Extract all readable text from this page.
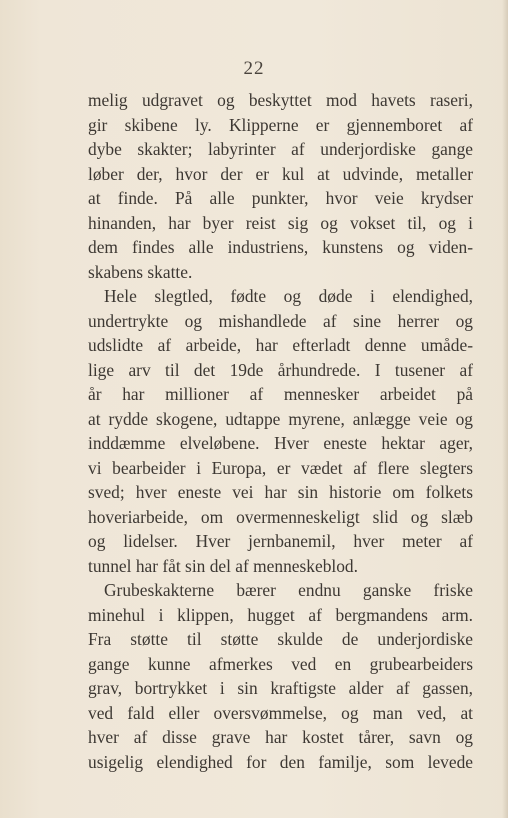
22
melig udgravet og beskyttet mod havets raseri,
gir skibene ly. Klipperne er gjennemboret af
dybe skakter; labyrinter af underjordiske gange
løber der, hvor der er kul at udvinde, metaller
at finde. På alle punkter, hvor veie krydser
hinanden, har byer reist sig og vokset til, og i
dem findes alle industriens, kunstens og viden-
skabens skatte.
Hele slegtled, fødte og døde i elendighed,
undertrykte og mishandlede af sine herrer og
udslidte af arbeide, har efterladt denne umåde-
lige arv til det 19de århundrede. I tusener af
år har millioner af mennesker arbeidet på
at rydde skogene, udtappe myrene, anlægge veie og
inddæmme elveløbene. Hver eneste hektar ager,
vi bearbeider i Europa, er vædet af flere slegters
sved; hver eneste vei har sin historie om folkets
hoveriarbeide, om overmenneskeligt slid og slæb
og lidelser. Hver jernbanemil, hver meter af
tunnel har fåt sin del af menneskeblod.
Grubeskakterne bærer endnu ganske friske
minehul i klippen, hugget af bergmandens arm.
Fra støtte til støtte skulde de underjordiske
gange kunne afmerkes ved en grubearbeiders
grav, bortrykket i sin kraftigste alder af gassen,
ved fald eller oversvømmelse, og man ved, at
hver af disse grave har kostet tårer, savn og
usigelig elendighed for den familje, som levede
